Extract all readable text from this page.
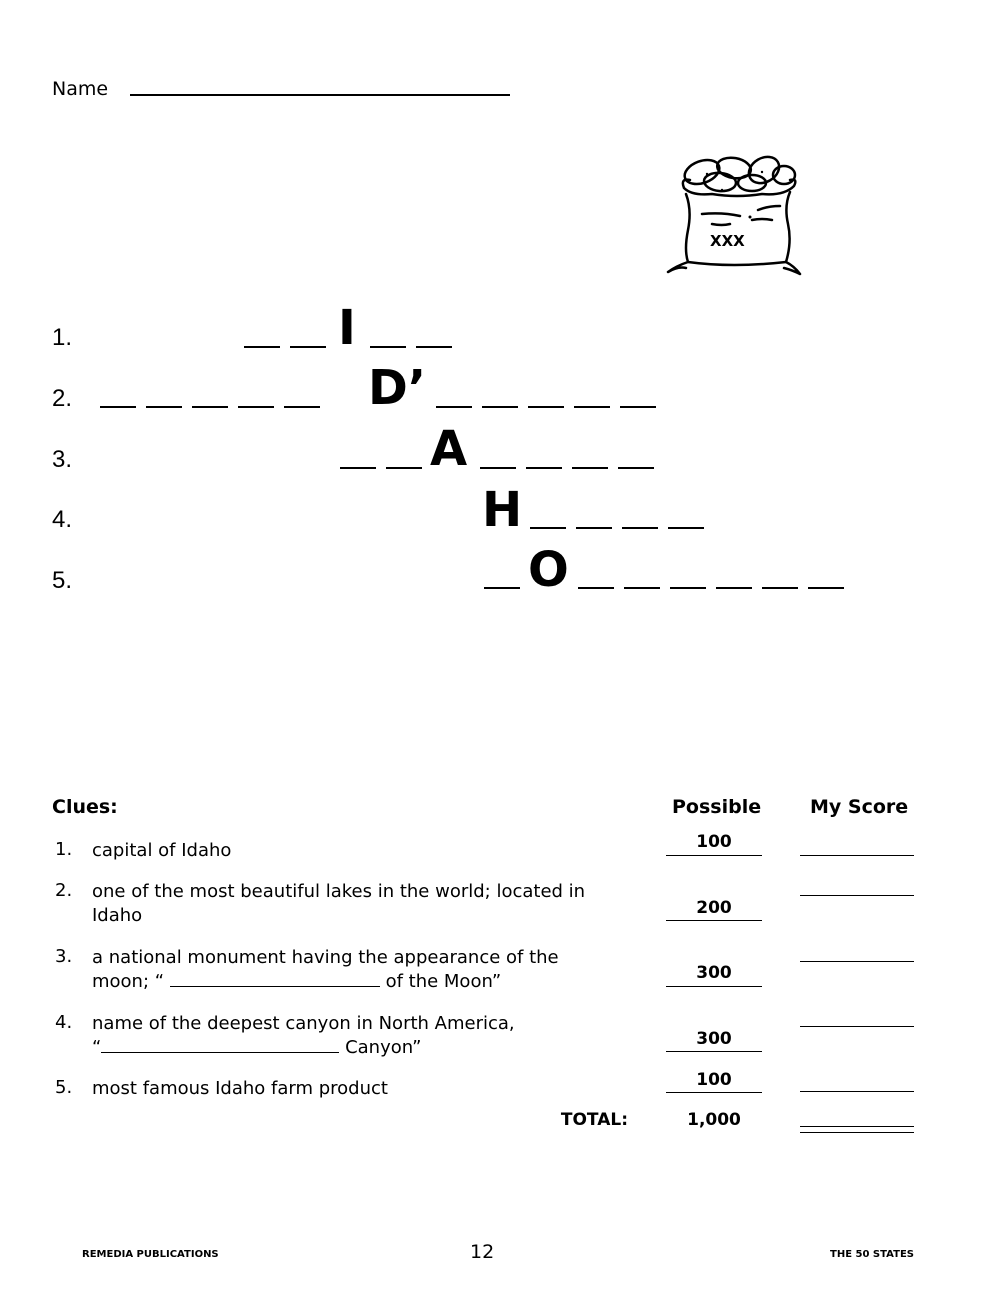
Name
XXX
1.	I
2.	D’
3.	A
4.	H
5.	O
Clues:	Possible	My Score
1. capital of Idaho	100
2. one of the most beautiful lakes in the world; located in
Idaho	200
3. a national monument having the appearance of the
moon; “	of the Moon”	300
4. name of the deepest canyon in North America,
“	Canyon”	300
5. most famous Idaho farm product	100
TOTAL:	1,000
REMEDIA PUBLICATIONS	12	THE 50 STATES
